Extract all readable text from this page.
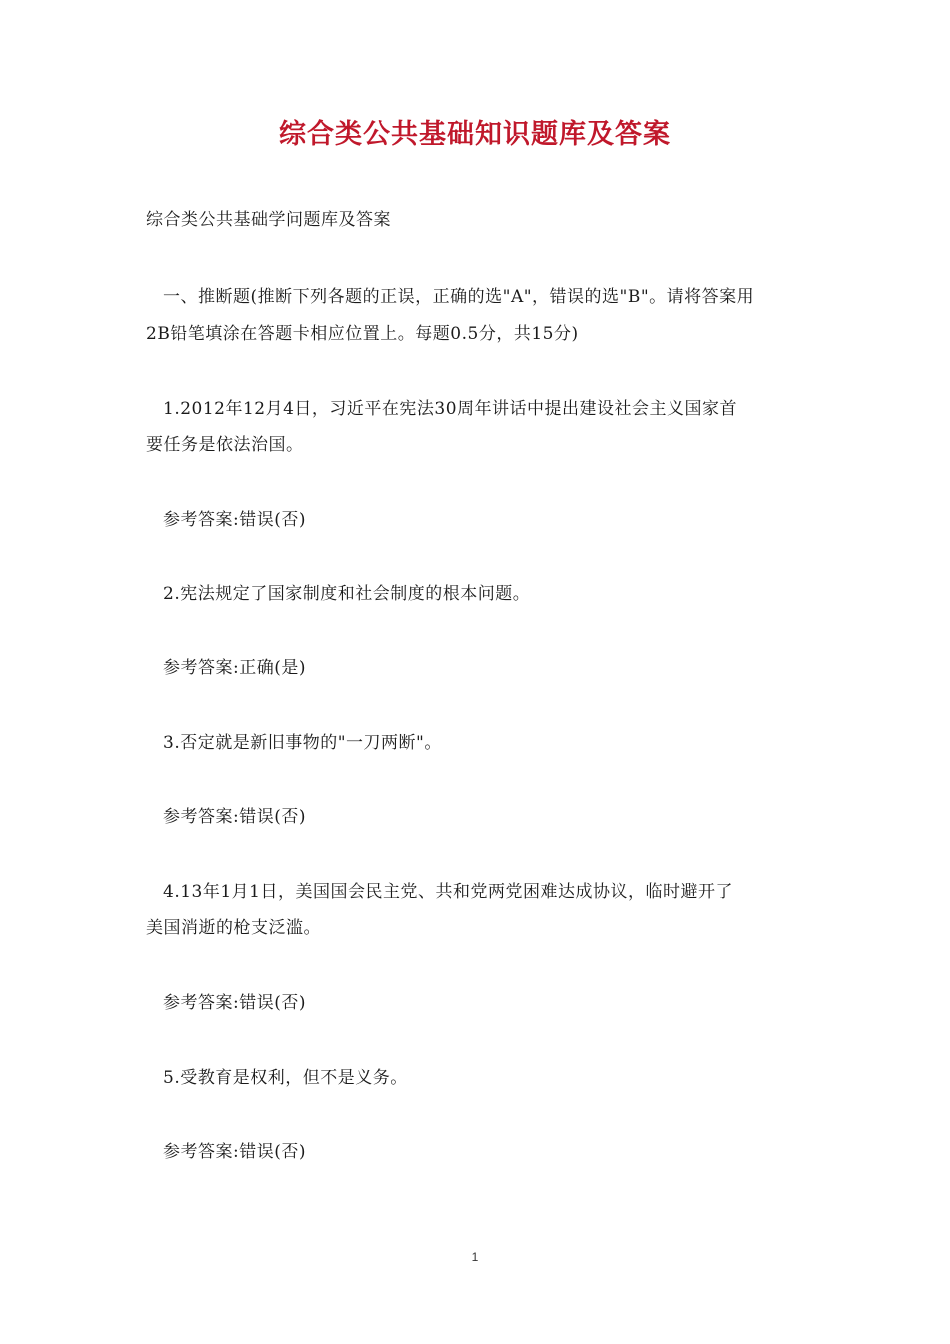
综合类公共基础知识题库及答案
综合类公共基础学问题库及答案
一、推断题(推断下列各题的正误，正确的选"A"，错误的选"B"。请将答案用
2B铅笔填涂在答题卡相应位置上。每题0.5分，共15分)
1.2012年12月4日，习近平在宪法30周年讲话中提出建设社会主义国家首
要任务是依法治国。
参考答案:错误(否)
2.宪法规定了国家制度和社会制度的根本问题。
参考答案:正确(是)
3.否定就是新旧事物的"一刀两断"。
参考答案:错误(否)
4.13年1月1日，美国国会民主党、共和党两党困难达成协议，临时避开了
美国消逝的枪支泛滥。
参考答案:错误(否)
5.受教育是权利，但不是义务。
参考答案:错误(否)
1
